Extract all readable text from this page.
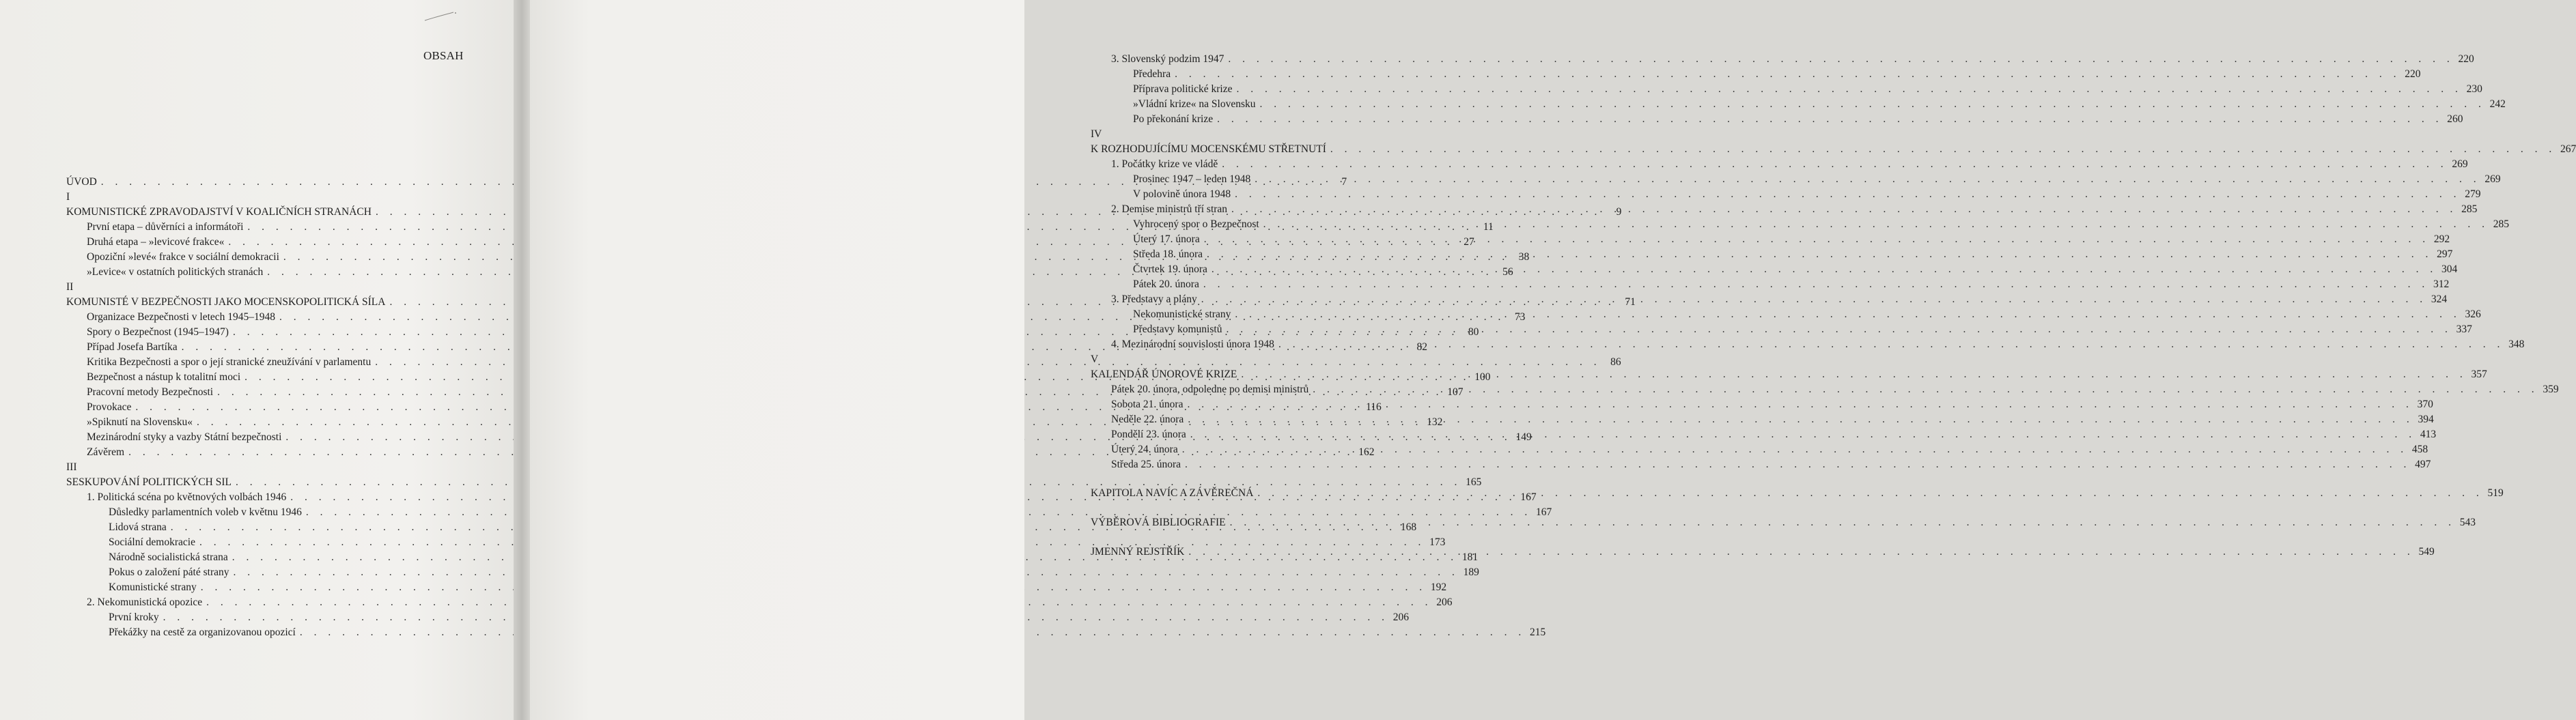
OBSAH
ÚVOD . . .	7
I
KOMUNISTICKÉ ZPRAVODAJSTVÍ V KOALIČNÍCH STRANÁCH . . .	9
První etapa – důvěrníci a informátoři . . .	11
Druhá etapa – »levicové frakce« . . .	27
Opoziční »levé« frakce v sociální demokracii . . .	38
»Levice« v ostatních politických stranách . . .	56
II
KOMUNISTÉ V BEZPEČNOSTI JAKO MOCENSKOPOLITICKÁ SÍLA . . .	71
Organizace Bezpečnosti v letech 1945–1948 . . .	73
Spory o Bezpečnost (1945–1947) . . .	80
Případ Josefa Bartíka . . .	82
Kritika Bezpečnosti a spor o její stranické zneužívání v parlamentu . . .	86
Bezpečnost a nástup k totalitní moci . . .	100
Pracovní metody Bezpečnosti . . .	107
Provokace . . .	116
»Spiknutí na Slovensku« . . .	132
Mezinárodní styky a vazby Státní bezpečnosti . . .	149
Závěrem . . .	162
III
SESKUPOVÁNÍ POLITICKÝCH SIL . . .	165
1. Politická scéna po květnových volbách 1946 . . .	167
Důsledky parlamentních voleb v květnu 1946 . . .	167
Lidová strana . . .	168
Sociální demokracie . . .	173
Národně socialistická strana . . .	181
Pokus o založení páté strany . . .	189
Komunistické strany . . .	192
2. Nekomunistická opozice . . .	206
První kroky . . .	206
Překážky na cestě za organizovanou opozicí . . .	215
3. Slovenský podzim 1947 . . .	220
Předehra . . .	220
Příprava politické krize . . .	230
»Vládní krize« na Slovensku . . .	242
Po překonání krize . . .	260
IV
K ROZHODUJÍCÍMU MOCENSKÉMU STŘETNUTÍ . . .	267
1. Počátky krize ve vládě . . .	269
Prosinec 1947 – leden 1948 . . .	269
V polovině února 1948 . . .	279
2. Demise ministrů tří stran . . .	285
Vyhrocený spor o Bezpečnost . . .	285
Úterý 17. února . . .	292
Středa 18. února . . .	297
Čtvrtek 19. února . . .	304
Pátek 20. února . . .	312
3. Představy a plány . . .	324
Nekomunistické strany . . .	326
Představy komunistů . . .	337
4. Mezinárodní souvislosti února 1948 . . .	348
V
KALENDÁŘ ÚNOROVÉ KRIZE . . .	357
Pátek 20. února, odpoledne po demisi ministrů . . .	359
Sobota 21. února . . .	370
Neděle 22. února . . .	394
Pondělí 23. února . . .	413
Úterý 24. února . . .	458
Středa 25. února . . .	497
KAPITOLA NAVÍC A ZÁVĚREČNÁ . . .	519
VÝBĚROVÁ BIBLIOGRAFIE . . .	543
JMENNÝ REJSTŘÍK . . .	549
